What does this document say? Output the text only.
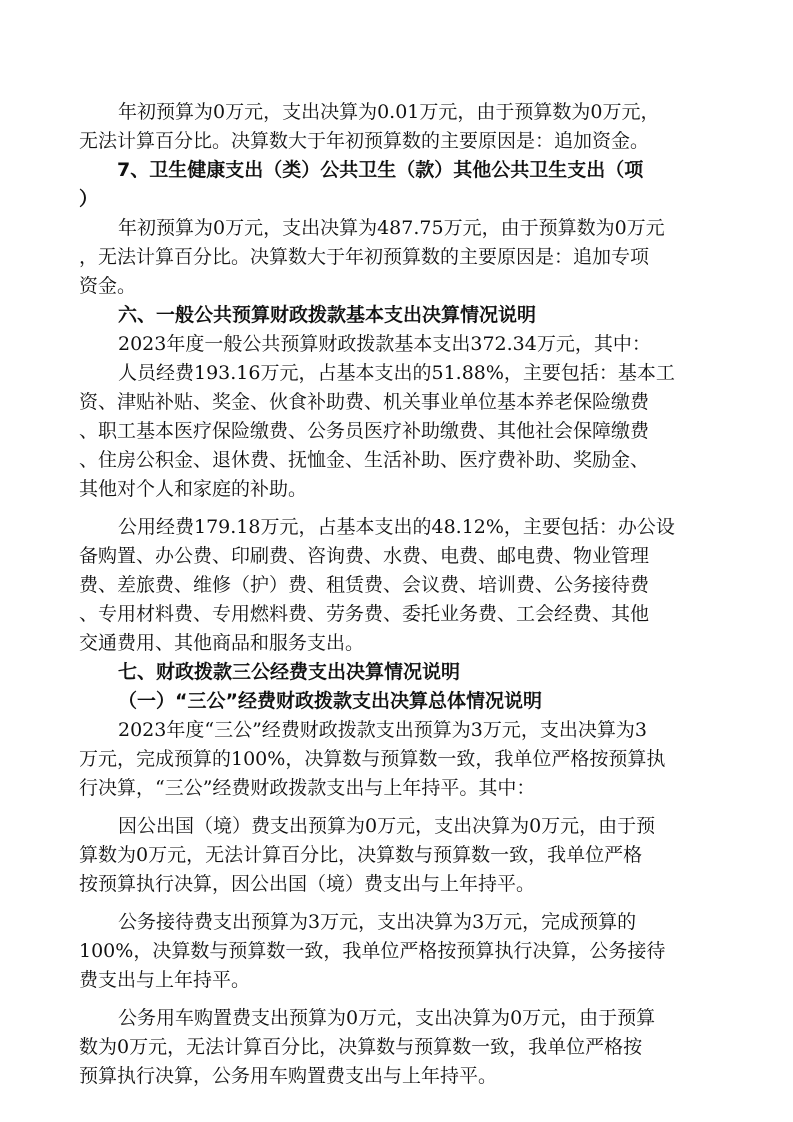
年初预算为0万元，支出决算为0.01万元，由于预算数为0万元，
无法计算百分比。决算数大于年初预算数的主要原因是：追加资金。
7、卫生健康支出（类）公共卫生（款）其他公共卫生支出（项
）
年初预算为0万元，支出决算为487.75万元，由于预算数为0万元
，无法计算百分比。决算数大于年初预算数的主要原因是：追加专项
资金。
六、一般公共预算财政拨款基本支出决算情况说明
2023年度一般公共预算财政拨款基本支出372.34万元，其中：
人员经费193.16万元，占基本支出的51.88%，主要包括：基本工
资、津贴补贴、奖金、伙食补助费、机关事业单位基本养老保险缴费
、职工基本医疗保险缴费、公务员医疗补助缴费、其他社会保障缴费
、住房公积金、退休费、抚恤金、生活补助、医疗费补助、奖励金、
其他对个人和家庭的补助。
公用经费179.18万元，占基本支出的48.12%，主要包括：办公设
备购置、办公费、印刷费、咨询费、水费、电费、邮电费、物业管理
费、差旅费、维修（护）费、租赁费、会议费、培训费、公务接待费
、专用材料费、专用燃料费、劳务费、委托业务费、工会经费、其他
交通费用、其他商品和服务支出。
七、财政拨款三公经费支出决算情况说明
（一）“三公”经费财政拨款支出决算总体情况说明
2023年度“三公”经费财政拨款支出预算为3万元，支出决算为3
万元，完成预算的100%，决算数与预算数一致，我单位严格按预算执
行决算，“三公”经费财政拨款支出与上年持平。其中：
因公出国（境）费支出预算为0万元，支出决算为0万元，由于预
算数为0万元，无法计算百分比，决算数与预算数一致，我单位严格
按预算执行决算，因公出国（境）费支出与上年持平。
公务接待费支出预算为3万元，支出决算为3万元，完成预算的
100%，决算数与预算数一致，我单位严格按预算执行决算，公务接待
费支出与上年持平。
公务用车购置费支出预算为0万元，支出决算为0万元，由于预算
数为0万元，无法计算百分比，决算数与预算数一致，我单位严格按
预算执行决算，公务用车购置费支出与上年持平。
